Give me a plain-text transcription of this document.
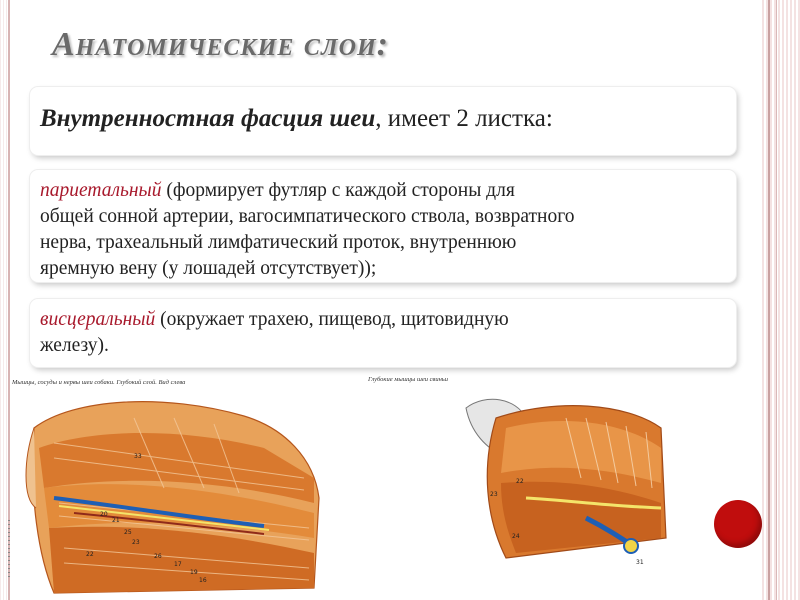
Анатомические слои:
Внутренностная фасция шеи, имеет 2 листка:
париетальный (формирует футляр с каждой стороны для
общей сонной артерии, вагосимпатического ствола, возвратного
нерва, трахеальный лимфатический проток, внутреннюю
яремную вену (у лошадей отсутствует));
висцеральный (окружает трахею, пищевод, щитовидную
железу).
Мышцы, сосуды и нервы шеи собаки. Глубокий слой. Вид слева	Глубокие мышцы шеи свиньи
33
22
20
21
25
23
17
19
26
16
23
22
24
31
